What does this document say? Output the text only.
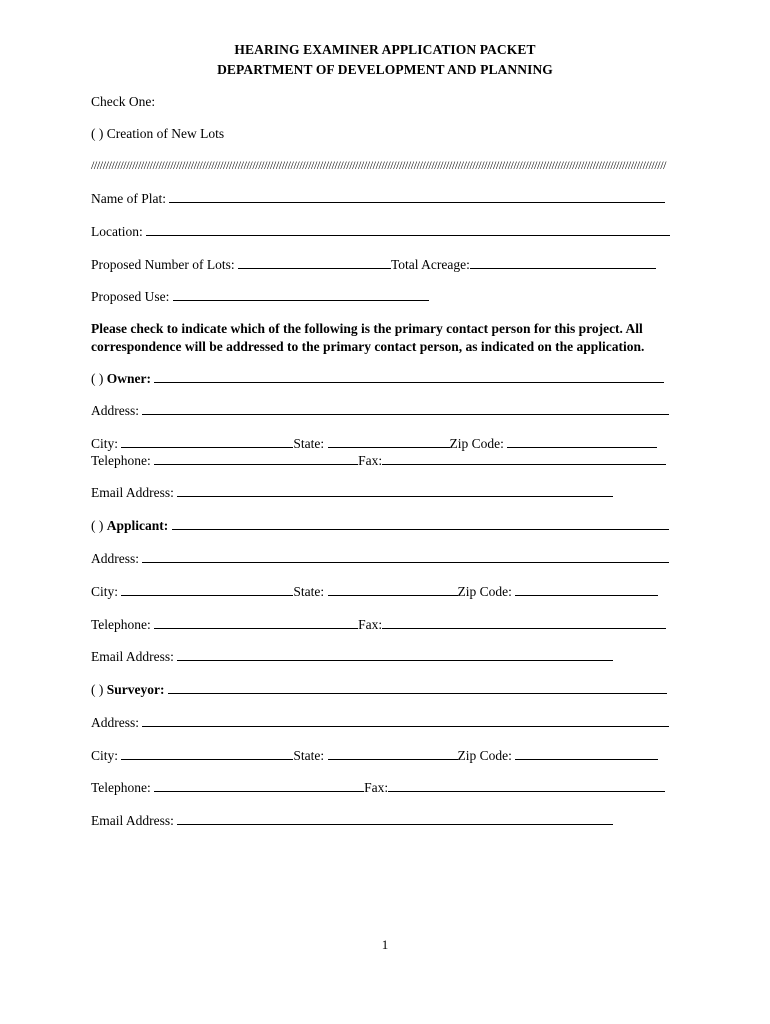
HEARING EXAMINER APPLICATION PACKET
DEPARTMENT OF DEVELOPMENT AND PLANNING
Check One:
( ) Creation of New Lots
////////////////////////////////////////////////////////////////////////////////////////////////////////////////////////////////////////////////////////////////////////////////////////////////////
Name of Plat:
Location:
Proposed Number of Lots:	Total Acreage:
Proposed Use:
Please check to indicate which of the following is the primary contact person for this project. All correspondence will be addressed to the primary contact person, as indicated on the application.
( ) Owner:
Address:
City:	State:	Zip Code:
Telephone:	Fax:
Email Address:
( ) Applicant:
Address:
City:	State:	Zip Code:
Telephone:	Fax:
Email Address:
( ) Surveyor:
Address:
City:	State:	Zip Code:
Telephone:	Fax:
Email Address:
1
